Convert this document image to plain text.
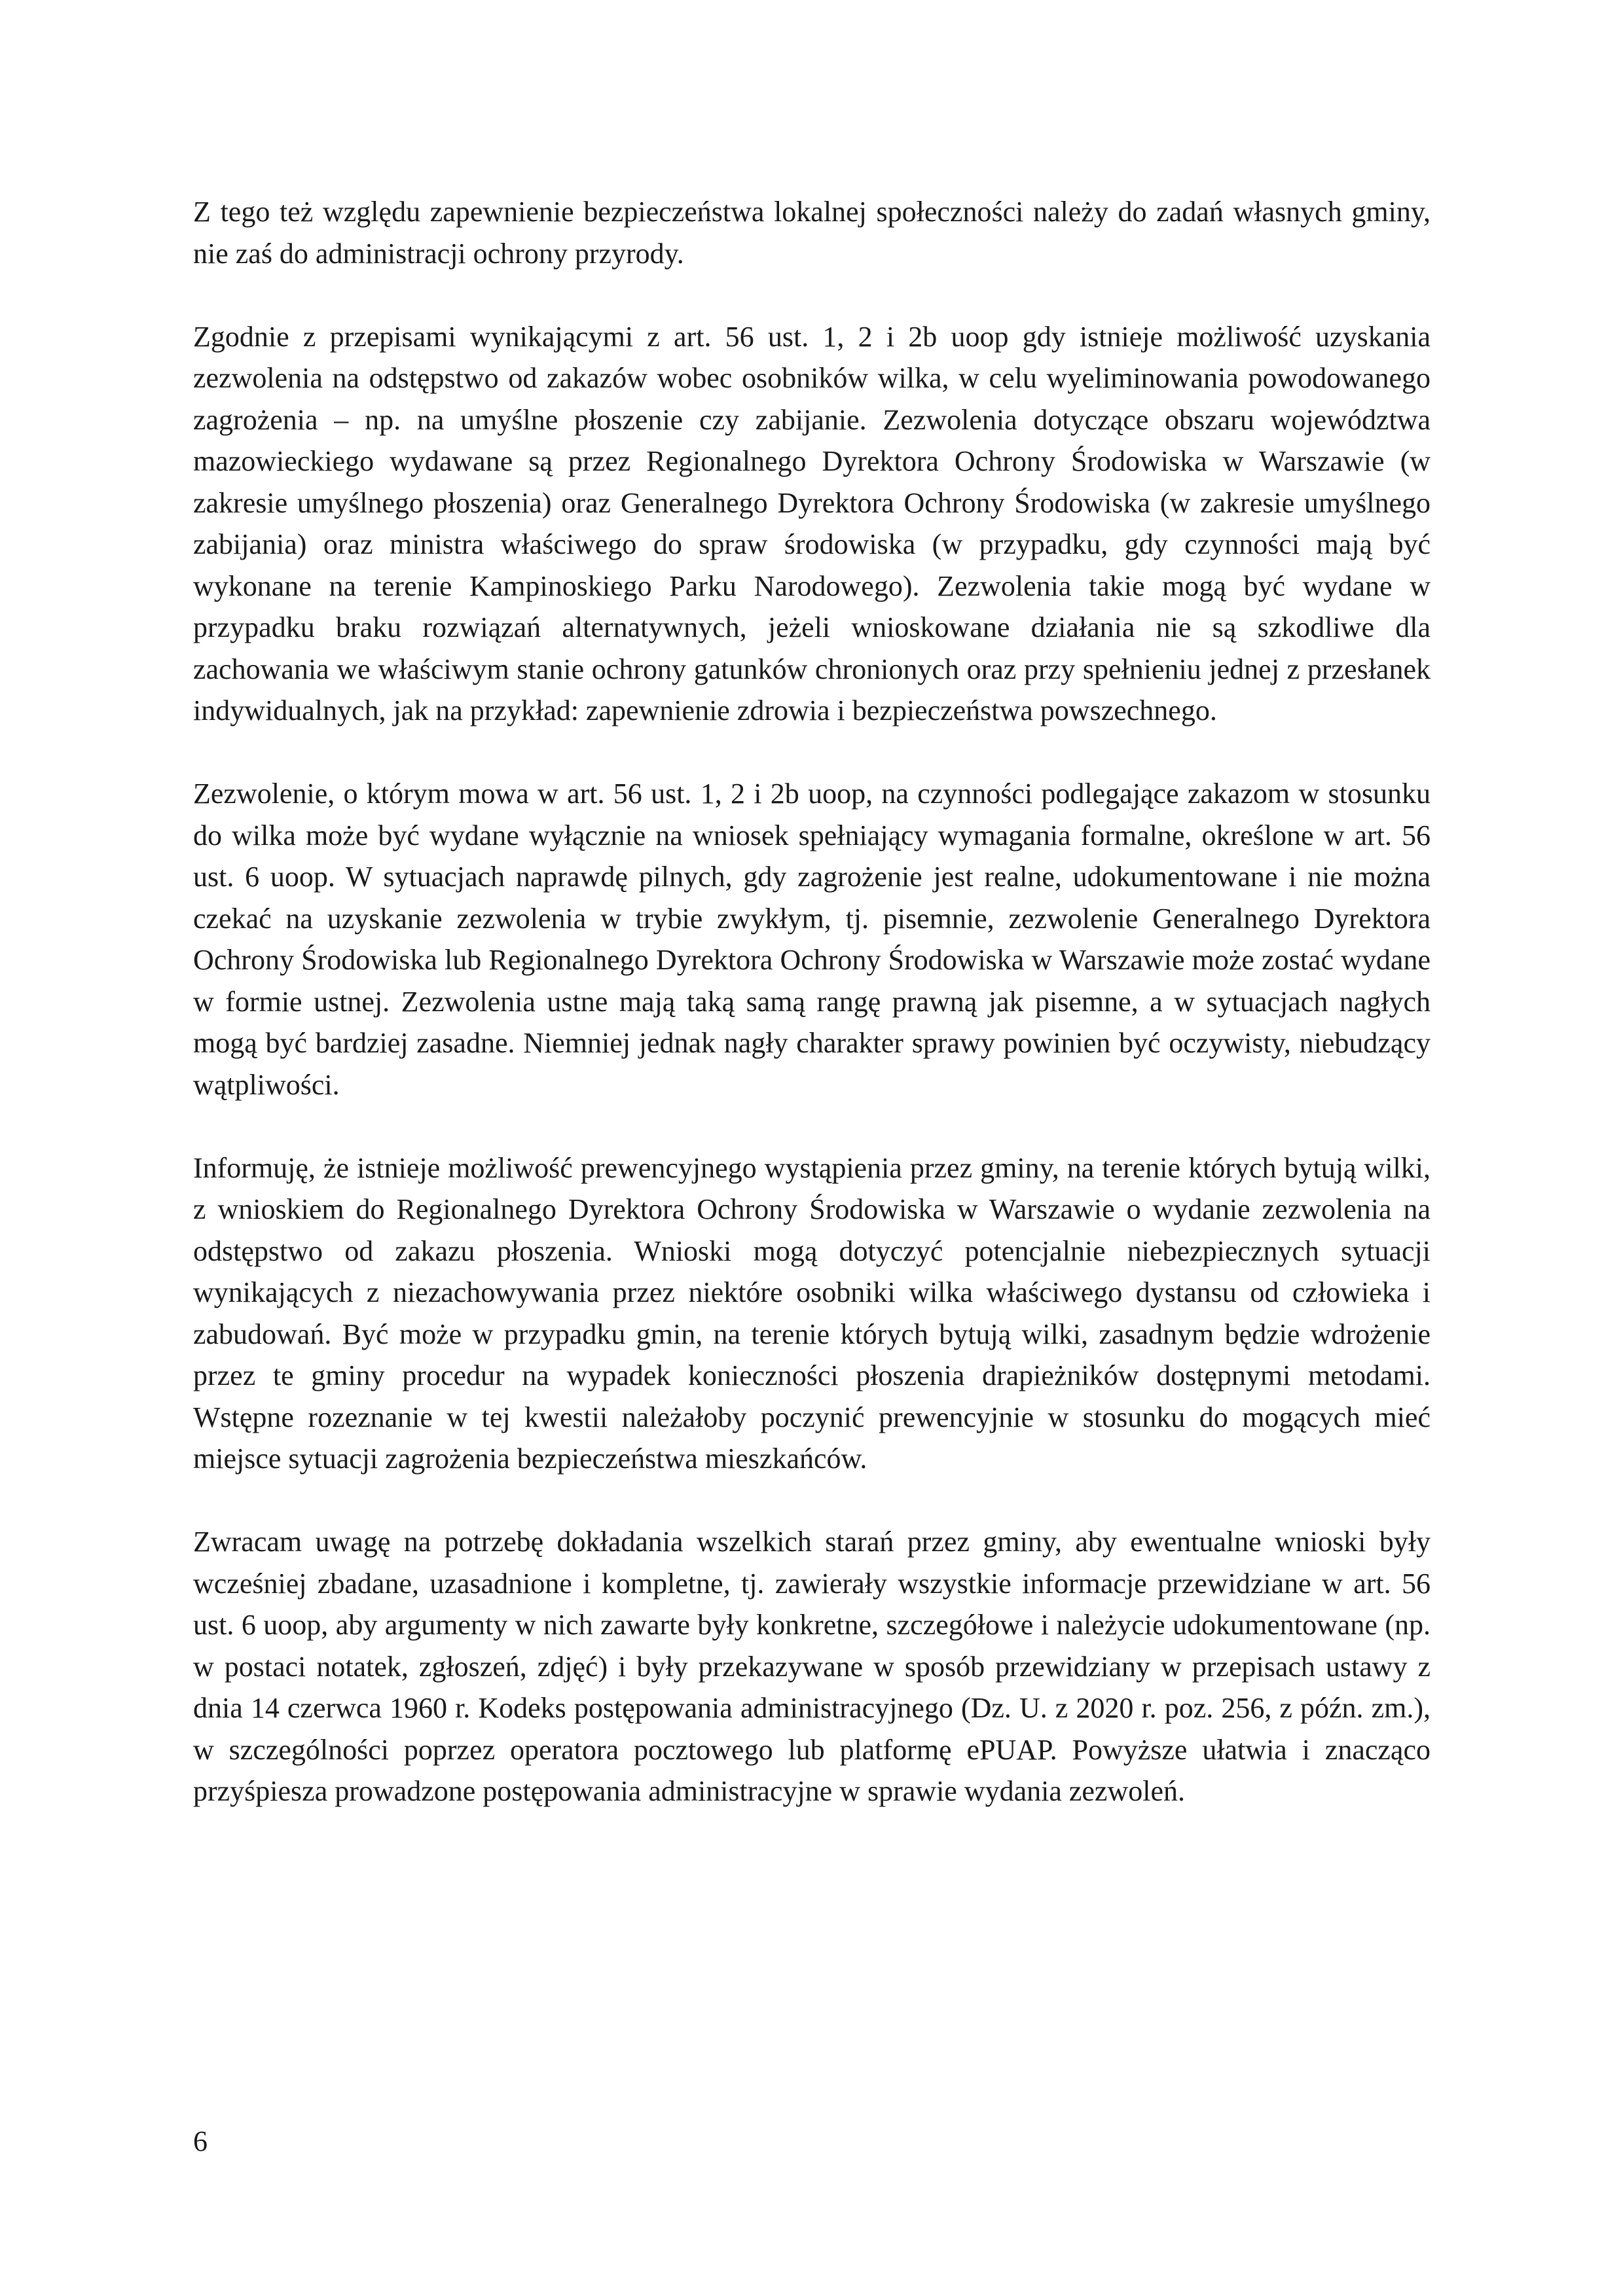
Z tego też względu zapewnienie bezpieczeństwa lokalnej społeczności należy do zadań własnych gminy, nie zaś do administracji ochrony przyrody.

Zgodnie z przepisami wynikającymi z art. 56 ust. 1, 2 i 2b uoop gdy istnieje możliwość uzyskania zezwolenia na odstępstwo od zakazów wobec osobników wilka, w celu wyeliminowania powodowanego zagrożenia – np. na umyślne płoszenie czy zabijanie. Zezwolenia dotyczące obszaru województwa mazowieckiego wydawane są przez Regionalnego Dyrektora Ochrony Środowiska w Warszawie (w zakresie umyślnego płoszenia) oraz Generalnego Dyrektora Ochrony Środowiska (w zakresie umyślnego zabijania) oraz ministra właściwego do spraw środowiska (w przypadku, gdy czynności mają być wykonane na terenie Kampinoskiego Parku Narodowego). Zezwolenia takie mogą być wydane w przypadku braku rozwiązań alternatywnych, jeżeli wnioskowane działania nie są szkodliwe dla zachowania we właściwym stanie ochrony gatunków chronionych oraz przy spełnieniu jednej z przesłanek indywidualnych, jak na przykład: zapewnienie zdrowia i bezpieczeństwa powszechnego.

Zezwolenie, o którym mowa w art. 56 ust. 1, 2 i 2b uoop, na czynności podlegające zakazom w stosunku do wilka może być wydane wyłącznie na wniosek spełniający wymagania formalne, określone w art. 56 ust. 6 uoop. W sytuacjach naprawdę pilnych, gdy zagrożenie jest realne, udokumentowane i nie można czekać na uzyskanie zezwolenia w trybie zwykłym, tj. pisemnie, zezwolenie Generalnego Dyrektora Ochrony Środowiska lub Regionalnego Dyrektora Ochrony Środowiska w Warszawie może zostać wydane w formie ustnej. Zezwolenia ustne mają taką samą rangę prawną jak pisemne, a w sytuacjach nagłych mogą być bardziej zasadne. Niemniej jednak nagły charakter sprawy powinien być oczywisty, niebudzący wątpliwości.

Informuję, że istnieje możliwość prewencyjnego wystąpienia przez gminy, na terenie których bytują wilki, z wnioskiem do Regionalnego Dyrektora Ochrony Środowiska w Warszawie o wydanie zezwolenia na odstępstwo od zakazu płoszenia. Wnioski mogą dotyczyć potencjalnie niebezpiecznych sytuacji wynikających z niezachowywania przez niektóre osobniki wilka właściwego dystansu od człowieka i zabudowań. Być może w przypadku gmin, na terenie których bytują wilki, zasadnym będzie wdrożenie przez te gminy procedur na wypadek konieczności płoszenia drapieżników dostępnymi metodami. Wstępne rozeznanie w tej kwestii należałoby poczynić prewencyjnie w stosunku do mogących mieć miejsce sytuacji zagrożenia bezpieczeństwa mieszkańców.

Zwracam uwagę na potrzebę dokładania wszelkich starań przez gminy, aby ewentualne wnioski były wcześniej zbadane, uzasadnione i kompletne, tj. zawierały wszystkie informacje przewidziane w art. 56 ust. 6 uoop, aby argumenty w nich zawarte były konkretne, szczegółowe i należycie udokumentowane (np. w postaci notatek, zgłoszeń, zdjęć) i były przekazywane w sposób przewidziany w przepisach ustawy z dnia 14 czerwca 1960 r. Kodeks postępowania administracyjnego (Dz. U. z 2020 r. poz. 256, z późn. zm.), w szczególności poprzez operatora pocztowego lub platformę ePUAP. Powyższe ułatwia i znacząco przyśpiesza prowadzone postępowania administracyjne w sprawie wydania zezwoleń.

6
